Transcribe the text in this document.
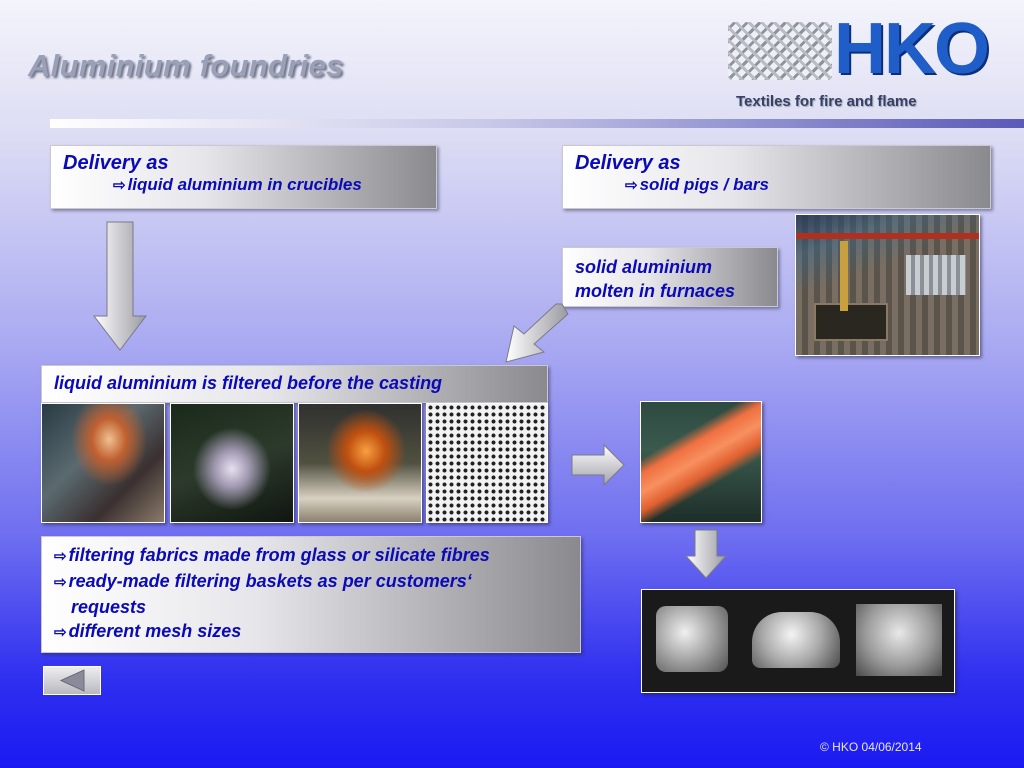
Aluminium foundries	HKO
Textiles for fire and flame
Delivery as
⇨ liquid aluminium in crucibles
Delivery as
⇨ solid pigs / bars
solid aluminium
molten in furnaces
liquid aluminium is filtered before the casting
⇨ filtering fabrics made from glass or silicate fibres
⇨ ready-made filtering baskets as per customers‘
requests
⇨ different mesh sizes
© HKO 04/06/2014
